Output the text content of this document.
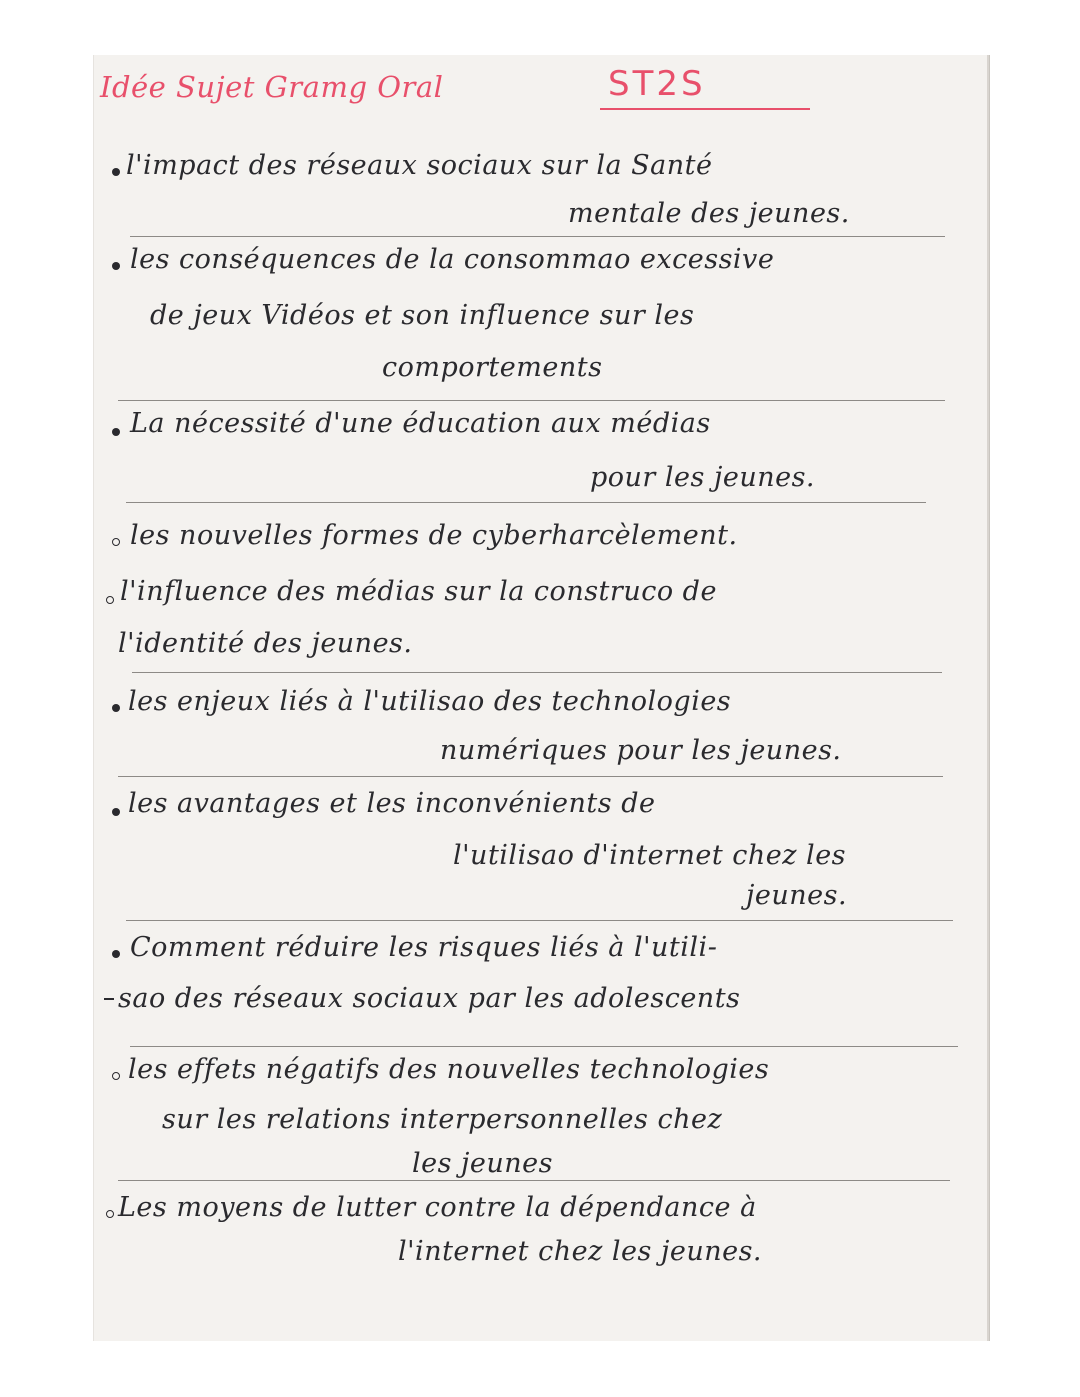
Idée Sujet Gramg Oral	ST2S
l'impact des réseaux sociaux sur la Santé
mentale des jeunes.
les conséquences de la consommao excessive
de jeux Vidéos et son influence sur les
comportements
La nécessité d'une éducation aux médias
pour les jeunes.
les nouvelles formes de cyberharcèlement.
l'influence des médias sur la construco de
l'identité des jeunes.
les enjeux liés à l'utilisao des technologies
numériques pour les jeunes.
les avantages et les inconvénients de
l'utilisao d'internet chez les
jeunes.
Comment réduire les risques liés à l'utili-
sao des réseaux sociaux par les adolescents
les effets négatifs des nouvelles technologies
sur les relations interpersonnelles chez
les jeunes
Les moyens de lutter contre la dépendance à
l'internet chez les jeunes.
